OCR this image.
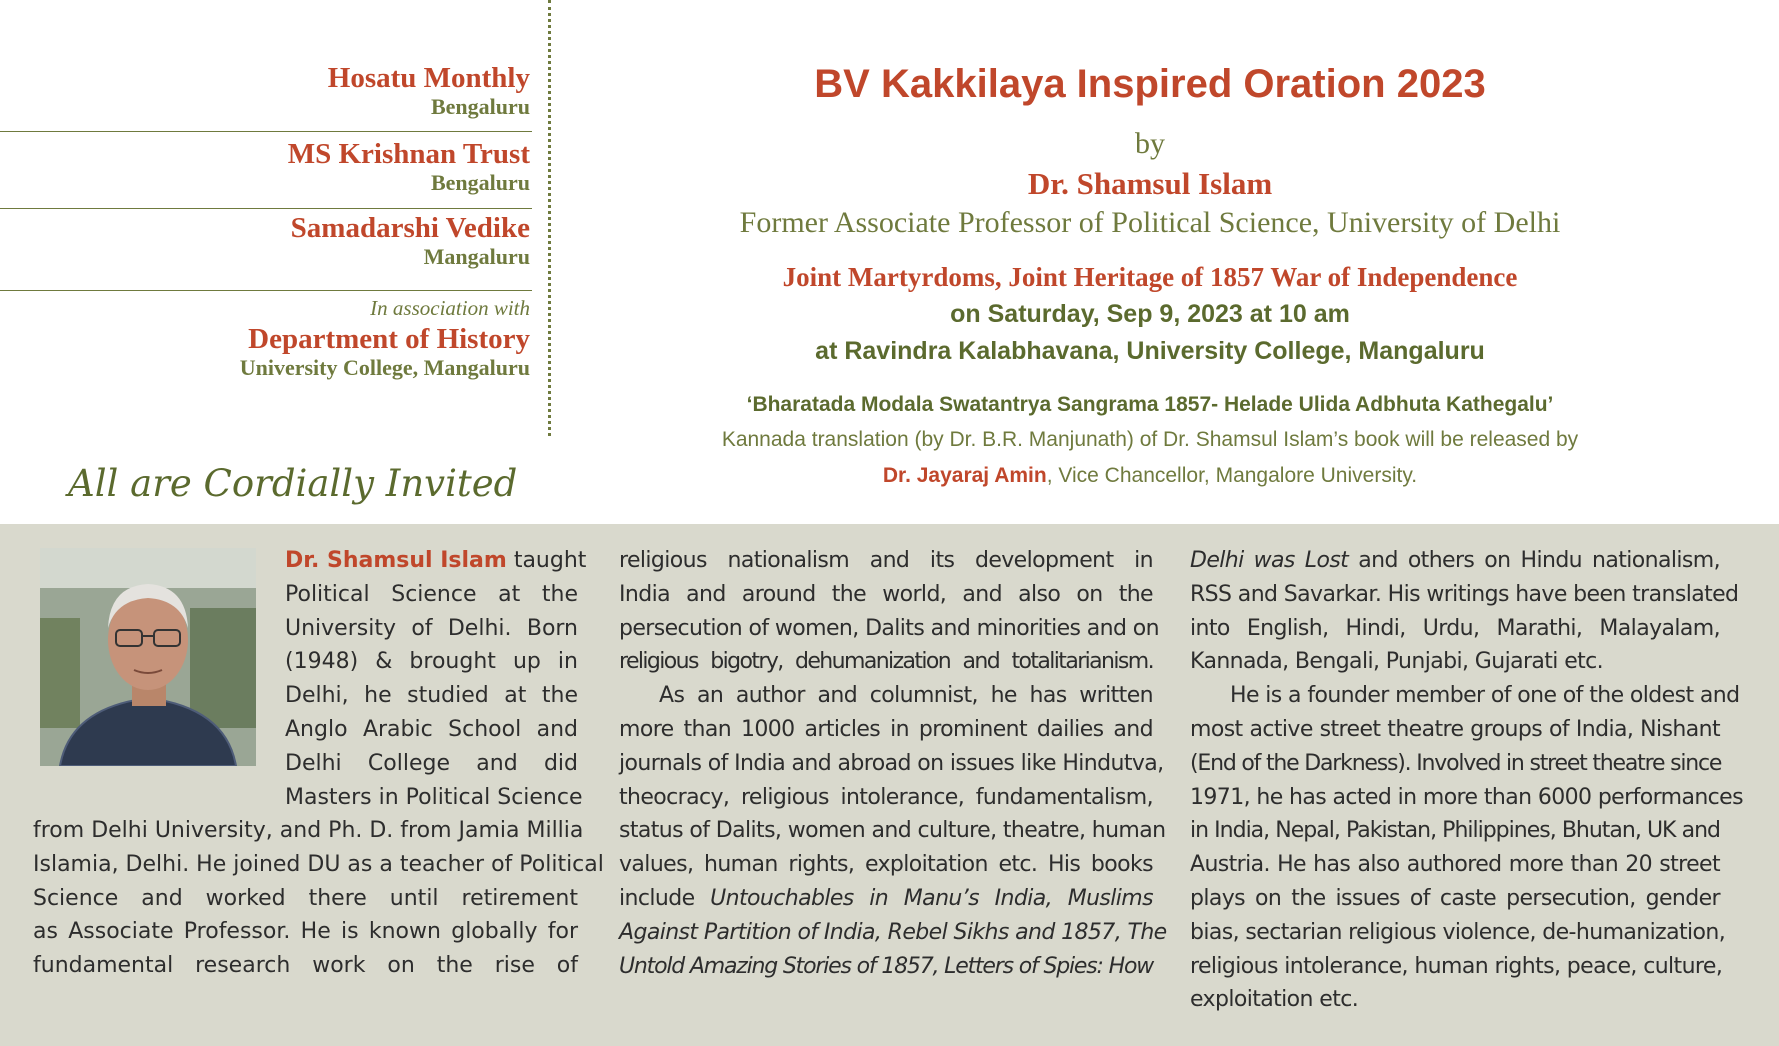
Hosatu Monthly
Bengaluru
MS Krishnan Trust
Bengaluru
Samadarshi Vedike
Mangaluru
In association with
Department of History
University College, Mangaluru
All are Cordially Invited
BV Kakkilaya Inspired Oration 2023
by
Dr. Shamsul Islam
Former Associate Professor of Political Science, University of Delhi
Joint Martyrdoms, Joint Heritage of 1857 War of Independence
on Saturday, Sep 9, 2023 at 10 am
at Ravindra Kalabhavana, University College, Mangaluru
‘Bharatada Modala Swatantrya Sangrama 1857- Helade Ulida Adbhuta Kathegalu’
Kannada translation (by Dr. B.R. Manjunath) of Dr. Shamsul Islam’s book will be released by
Dr. Jayaraj Amin, Vice Chancellor, Mangalore University.
Dr. Shamsul Islam taught
Political Science at the
University of Delhi. Born
(1948) & brought up in
Delhi, he studied at the
Anglo Arabic School and
Delhi College and did
Masters in Political Science
from Delhi University, and Ph. D. from Jamia Millia
Islamia, Delhi. He joined DU as a teacher of Political
Science and worked there until retirement
as Associate Professor. He is known globally for
fundamental research work on the rise of
religious nationalism and its development in
India and around the world, and also on the
persecution of women, Dalits and minorities and on
religious bigotry, dehumanization and totalitarianism.
As an author and columnist, he has written
more than 1000 articles in prominent dailies and
journals of India and abroad on issues like Hindutva,
theocracy, religious intolerance, fundamentalism,
status of Dalits, women and culture, theatre, human
values, human rights, exploitation etc. His books
include Untouchables in Manu’s India, Muslims
Against Partition of India, Rebel Sikhs and 1857, The
Untold Amazing Stories of 1857, Letters of Spies: How
Delhi was Lost and others on Hindu nationalism,
RSS and Savarkar. His writings have been translated
into English, Hindi, Urdu, Marathi, Malayalam,
Kannada, Bengali, Punjabi, Gujarati etc.
He is a founder member of one of the oldest and
most active street theatre groups of India, Nishant
(End of the Darkness). Involved in street theatre since
1971, he has acted in more than 6000 performances
in India, Nepal, Pakistan, Philippines, Bhutan, UK and
Austria. He has also authored more than 20 street
plays on the issues of caste persecution, gender
bias, sectarian religious violence, de-humanization,
religious intolerance, human rights, peace, culture,
exploitation etc.
